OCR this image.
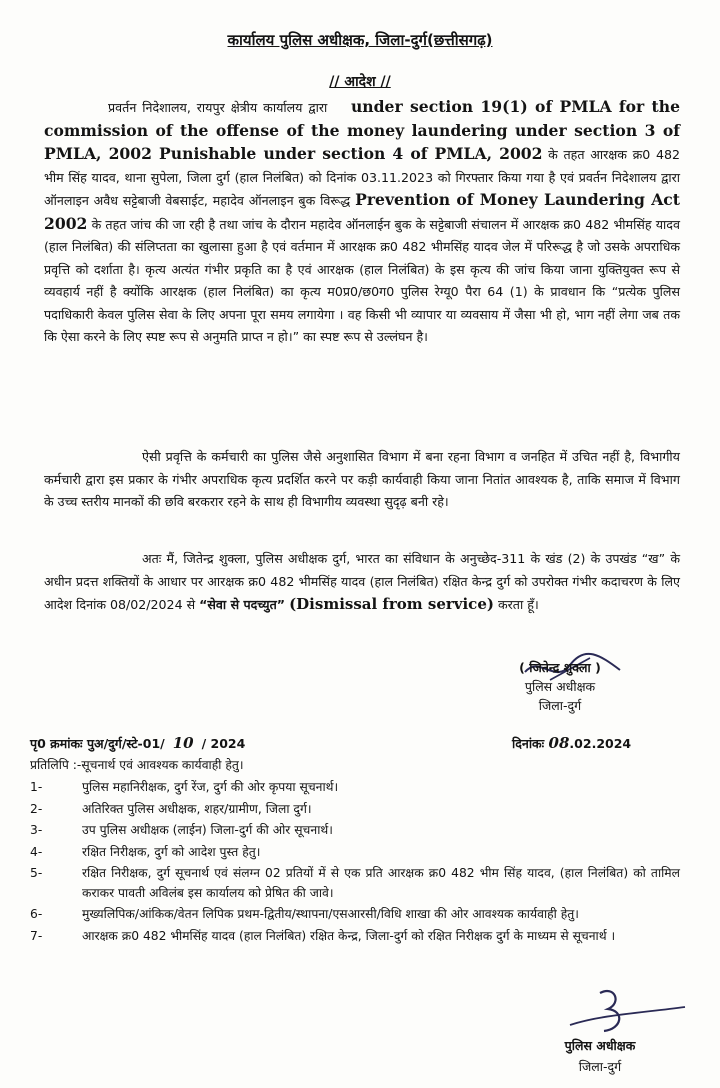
कार्यालय पुलिस अधीक्षक, जिला-दुर्ग(छत्तीसगढ़)
// आदेश //
प्रवर्तन निदेशालय, रायपुर क्षेत्रीय कार्यालय द्वारा under section 19(1) of PMLA for the commission of the offense of the money laundering under section 3 of PMLA, 2002 Punishable under section 4 of PMLA, 2002 के तहत आरक्षक क्र0 482 भीम सिंह यादव, थाना सुपेला, जिला दुर्ग (हाल निलंबित) को दिनांक 03.11.2023 को गिरफ्तार किया गया है एवं प्रवर्तन निदेशालय द्वारा ऑनलाइन अवैध सट्टेबाजी वेबसाईट, महादेव ऑनलाइन बुक विरूद्ध Prevention of Money Laundering Act 2002 के तहत जांच की जा रही है तथा जांच के दौरान महादेव ऑनलाईन बुक के सट्टेबाजी संचालन में आरक्षक क्र0 482 भीमसिंह यादव (हाल निलंबित) की संलिप्तता का खुलासा हुआ है एवं वर्तमान में आरक्षक क्र0 482 भीमसिंह यादव जेल में परिरूद्ध है जो उसके अपराधिक प्रवृत्ति को दर्शाता है। कृत्य अत्यंत गंभीर प्रकृति का है एवं आरक्षक (हाल निलंबित) के इस कृत्य की जांच किया जाना युक्तियुक्त रूप से व्यवहार्य नहीं है क्योंकि आरक्षक (हाल निलंबित) का कृत्य म0प्र0/छ0ग0 पुलिस रेग्यू0 पैरा 64 (1) के प्रावधान कि “प्रत्येक पुलिस पदाधिकारी केवल पुलिस सेवा के लिए अपना पूरा समय लगायेगा । वह किसी भी व्यापार या व्यवसाय में जैसा भी हो, भाग नहीं लेगा जब तक कि ऐसा करने के लिए स्पष्ट रूप से अनुमति प्राप्त न हो।” का स्पष्ट रूप से उल्लंघन है।
ऐसी प्रवृत्ति के कर्मचारी का पुलिस जैसे अनुशासित विभाग में बना रहना विभाग व जनहित में उचित नहीं है, विभागीय कर्मचारी द्वारा इस प्रकार के गंभीर अपराधिक कृत्य प्रदर्शित करने पर कड़ी कार्यवाही किया जाना नितांत आवश्यक है, ताकि समाज में विभाग के उच्च स्तरीय मानकों की छवि बरकरार रहने के साथ ही विभागीय व्यवस्था सुदृढ़ बनी रहे।
अतः मैं, जितेन्द्र शुक्ला, पुलिस अधीक्षक दुर्ग, भारत का संविधान के अनुच्छेद-311 के खंड (2) के उपखंड “ख” के अधीन प्रदत्त शक्तियों के आधार पर आरक्षक क्र0 482 भीमसिंह यादव (हाल निलंबित) रक्षित केन्द्र दुर्ग को उपरोक्त गंभीर कदाचरण के लिए आदेश दिनांक 08/02/2024 से “सेवा से पदच्युत” (Dismissal from service) करता हूँ।
( जितेन्द्र शुक्ला )
पुलिस अधीक्षक
जिला-दुर्ग
पृ0 क्रमांकः पुअ/दुर्ग/स्टे-01/ 10 / 2024	दिनांकः 08.02.2024
प्रतिलिपि :-सूचनार्थ एवं आवश्यक कार्यवाही हेतु।
1-	पुलिस महानिरीक्षक, दुर्ग रेंज, दुर्ग की ओर कृपया सूचनार्थ।
2-	अतिरिक्त पुलिस अधीक्षक, शहर/ग्रामीण, जिला दुर्ग।
3-	उप पुलिस अधीक्षक (लाईन) जिला-दुर्ग की ओर सूचनार्थ।
4-	रक्षित निरीक्षक, दुर्ग को आदेश पुस्त हेतु।
5-	रक्षित निरीक्षक, दुर्ग सूचनार्थ एवं संलग्न 02 प्रतियों में से एक प्रति आरक्षक क्र0 482 भीम सिंह यादव, (हाल निलंबित) को तामिल कराकर पावती अविलंब इस कार्यालय को प्रेषित की जावे।
6-	मुख्यलिपिक/आंकिक/वेतन लिपिक प्रथम-द्वितीय/स्थापना/एसआरसी/विधि शाखा की ओर आवश्यक कार्यवाही हेतु।
7-	आरक्षक क्र0 482 भीमसिंह यादव (हाल निलंबित) रक्षित केन्द्र, जिला-दुर्ग को रक्षित निरीक्षक दुर्ग के माध्यम से सूचनार्थ ।
पुलिस अधीक्षक
जिला-दुर्ग
